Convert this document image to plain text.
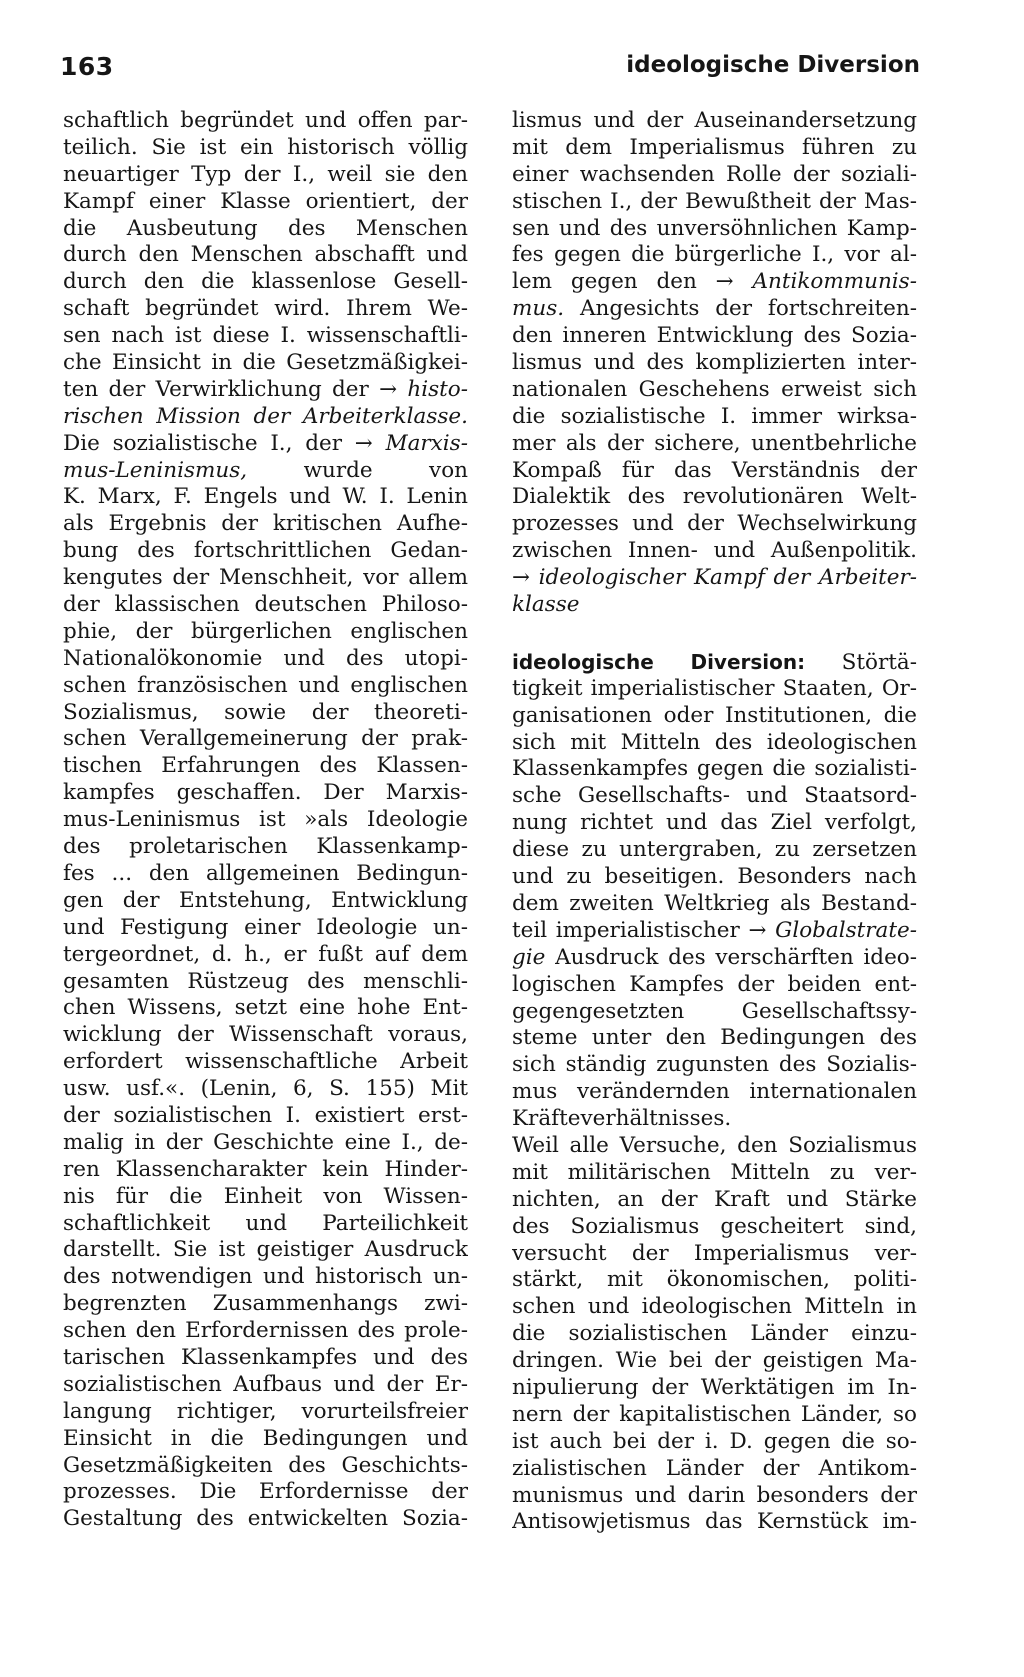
163	ideologische Diversion
schaftlich begründet und offen par-
teilich. Sie ist ein historisch völlig
neuartiger Typ der I., weil sie den
Kampf einer Klasse orientiert, der
die Ausbeutung des Menschen
durch den Menschen abschafft und
durch den die klassenlose Gesell-
schaft begründet wird. Ihrem We-
sen nach ist diese I. wissenschaftli-
che Einsicht in die Gesetzmäßigkei-
ten der Verwirklichung der → histo-
rischen Mission der Arbeiterklasse.
Die sozialistische I., der → Marxis-
mus-Leninismus,	wurde von
K. Marx, F. Engels und W. I. Lenin
als Ergebnis der kritischen Aufhe-
bung des fortschrittlichen Gedan-
kengutes der Menschheit, vor allem
der klassischen deutschen Philoso-
phie, der bürgerlichen englischen
Nationalökonomie und des utopi-
schen französischen und englischen
Sozialismus, sowie der theoreti-
schen Verallgemeinerung der prak-
tischen Erfahrungen des Klassen-
kampfes geschaffen. Der Marxis-
mus-Leninismus ist »als Ideologie
des proletarischen Klassenkamp-
fes ... den allgemeinen Bedingun-
gen der Entstehung, Entwicklung
und Festigung einer Ideologie un-
tergeordnet, d. h., er fußt auf dem
gesamten Rüstzeug des menschli-
chen Wissens, setzt eine hohe Ent-
wicklung der Wissenschaft voraus,
erfordert wissenschaftliche Arbeit
usw. usf.«. (Lenin, 6, S. 155) Mit
der sozialistischen I. existiert erst-
malig in der Geschichte eine I., de-
ren Klassencharakter kein Hinder-
nis für die Einheit von Wissen-
schaftlichkeit und Parteilichkeit
darstellt. Sie ist geistiger Ausdruck
des notwendigen und historisch un-
begrenzten Zusammenhangs zwi-
schen den Erfordernissen des prole-
tarischen Klassenkampfes und des
sozialistischen Aufbaus und der Er-
langung richtiger, vorurteilsfreier
Einsicht in die Bedingungen und
Gesetzmäßigkeiten des Geschichts-
prozesses. Die Erfordernisse der
Gestaltung des entwickelten Sozia-
lismus und der Auseinandersetzung
mit dem Imperialismus führen zu
einer wachsenden Rolle der soziali-
stischen I., der Bewußtheit der Mas-
sen und des unversöhnlichen Kamp-
fes gegen die bürgerliche I., vor al-
lem gegen den → Antikommunis-
mus. Angesichts der fortschreiten-
den inneren Entwicklung des Sozia-
lismus und des komplizierten inter-
nationalen Geschehens erweist sich
die sozialistische I. immer wirksa-
mer als der sichere, unentbehrliche
Kompaß für das Verständnis der
Dialektik des revolutionären Welt-
prozesses und der Wechselwirkung
zwischen Innen- und Außenpolitik.
→ ideologischer Kampf der Arbeiter-
klasse
ideologische Diversion: Störtä-
tigkeit imperialistischer Staaten, Or-
ganisationen oder Institutionen, die
sich mit Mitteln des ideologischen
Klassenkampfes gegen die sozialisti-
sche Gesellschafts- und Staatsord-
nung richtet und das Ziel verfolgt,
diese zu untergraben, zu zersetzen
und zu beseitigen. Besonders nach
dem zweiten Weltkrieg als Bestand-
teil imperialistischer → Globalstrate-
gie Ausdruck des verschärften ideo-
logischen Kampfes der beiden ent-
gegengesetzten Gesellschaftssy-
steme unter den Bedingungen des
sich ständig zugunsten des Sozialis-
mus verändernden internationalen
Kräfteverhältnisses.
Weil alle Versuche, den Sozialismus
mit militärischen Mitteln zu ver-
nichten, an der Kraft und Stärke
des Sozialismus gescheitert sind,
versucht der Imperialismus ver-
stärkt, mit ökonomischen, politi-
schen und ideologischen Mitteln in
die sozialistischen Länder einzu-
dringen. Wie bei der geistigen Ma-
nipulierung der Werktätigen im In-
nern der kapitalistischen Länder, so
ist auch bei der i. D. gegen die so-
zialistischen Länder der Antikom-
munismus und darin besonders der
Antisowjetismus das Kernstück im-
